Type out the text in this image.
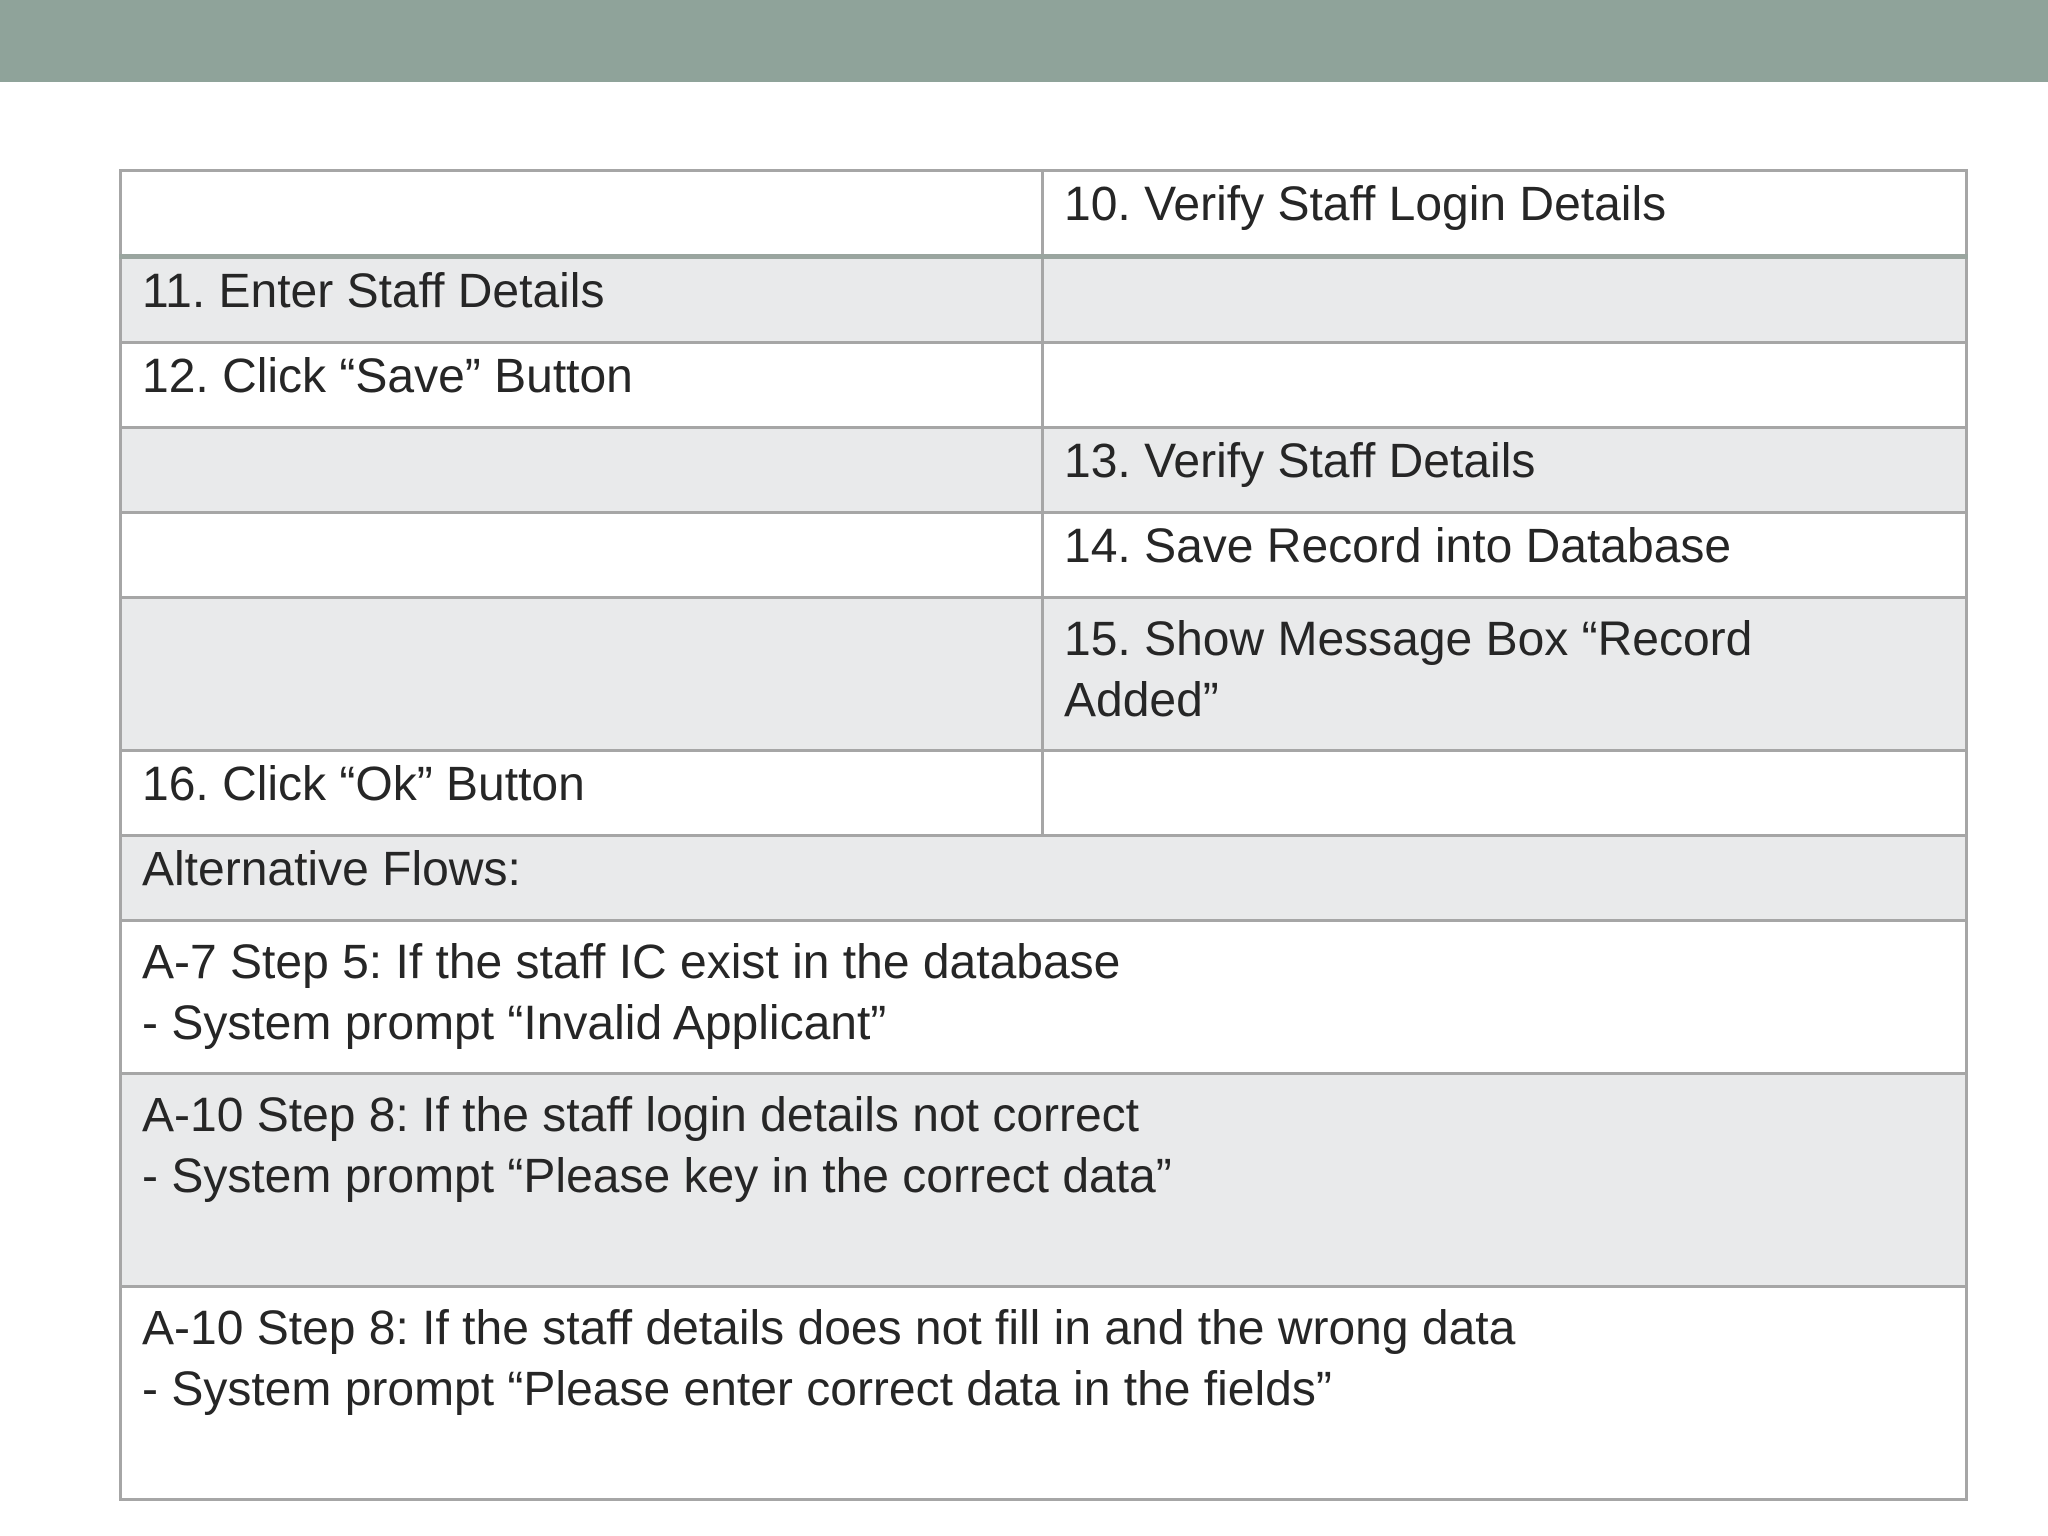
	10. Verify Staff Login Details
11. Enter Staff Details	
12. Click “Save” Button	
	13. Verify Staff Details
	14. Save Record into Database

	15. Show Message Box “Record
Added”

16. Click “Ok” Button	
Alternative Flows:	

A-7 Step 5: If the staff IC exist in the database
- System prompt “Invalid Applicant”	

A-10 Step 8: If the staff login details not correct
- System prompt “Please key in the correct data”	

A-10 Step 8: If the staff details does not fill in and the wrong data
- System prompt “Please enter correct data in the fields”	
